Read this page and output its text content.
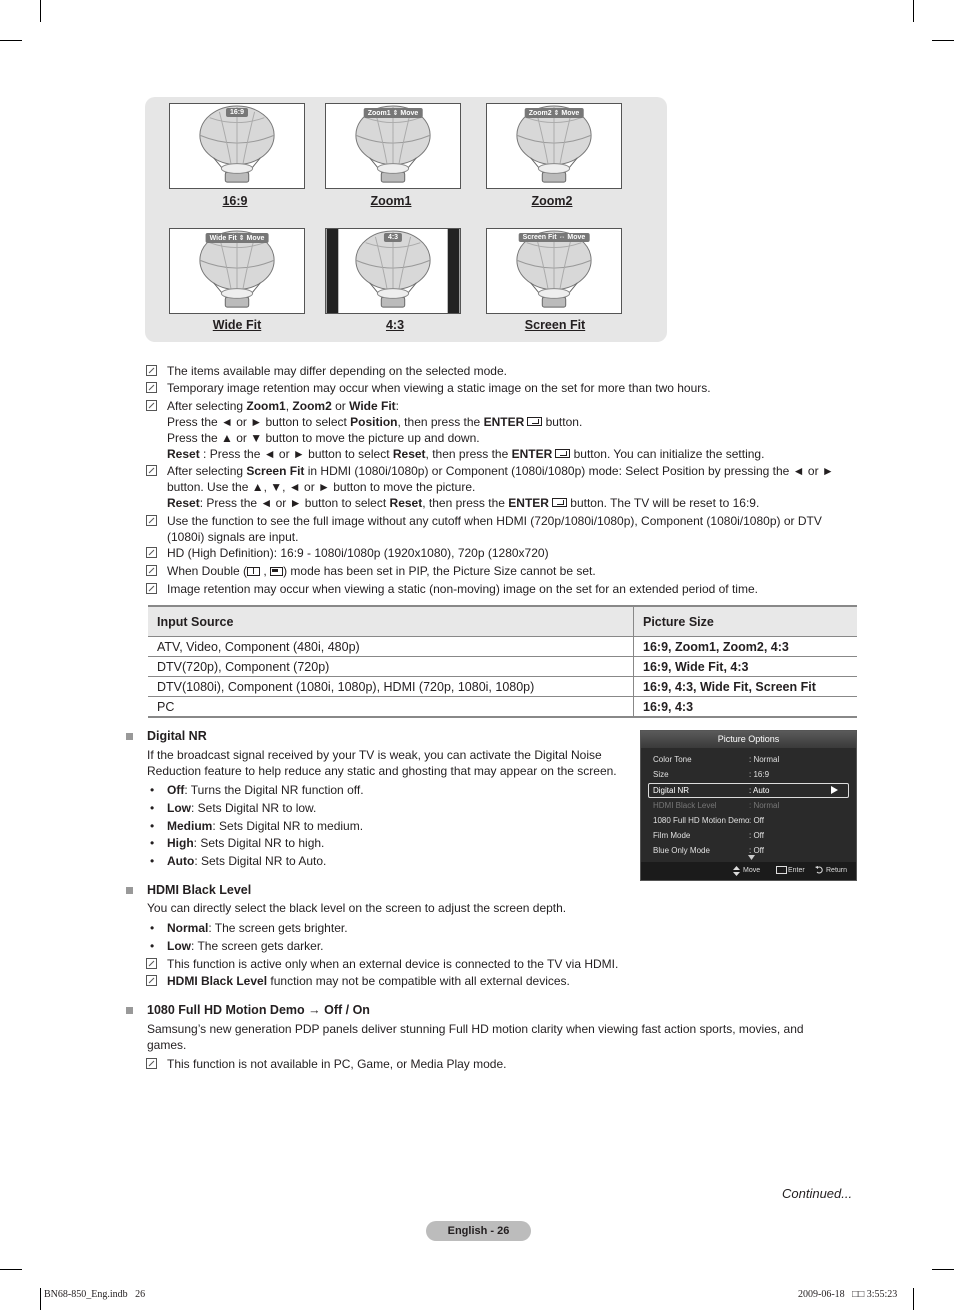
16:9
16:9
Zoom1 ⇕ Move
Zoom1
Zoom2 ⇕ Move
Zoom2
Wide Fit ⇕ Move
Wide Fit
4:3
4:3
Screen Fit ⇔ Move
Screen Fit
The items available may differ depending on the selected mode.
Temporary image retention may occur when viewing a static image on the set for more than two hours.
After selecting Zoom1, Zoom2 or Wide Fit:
Press the ◄ or ► button to select Position, then press the ENTER button.
Press the ▲ or ▼ button to move the picture up and down.
Reset : Press the ◄ or ► button to select Reset, then press the ENTER button. You can initialize the setting.
After selecting Screen Fit in HDMI (1080i/1080p) or Component (1080i/1080p) mode: Select Position by pressing the ◄ or ►
button. Use the ▲, ▼, ◄ or ► button to move the picture.
Reset: Press the ◄ or ► button to select Reset, then press the ENTER button. The TV will be reset to 16:9.
Use the function to see the full image without any cutoff when HDMI (720p/1080i/1080p), Component (1080i/1080p) or DTV
(1080i) signals are input.
HD (High Definition): 16:9 - 1080i/1080p (1920x1080), 720p (1280x720)
When Double ( , ) mode has been set in PIP, the Picture Size cannot be set.
Image retention may occur when viewing a static (non-moving) image on the set for an extended period of time.
Input Source	Picture Size
ATV, Video, Component (480i, 480p)	16:9, Zoom1, Zoom2, 4:3
DTV(720p), Component (720p)	16:9, Wide Fit, 4:3
DTV(1080i), Component (1080i, 1080p), HDMI (720p, 1080i, 1080p)	16:9, 4:3, Wide Fit, Screen Fit
PC	16:9, 4:3
Digital NR
If the broadcast signal received by your TV is weak, you can activate the Digital Noise
Reduction feature to help reduce any static and ghosting that may appear on the screen.
• Off: Turns the Digital NR function off.
• Low: Sets Digital NR to low.
• Medium: Sets Digital NR to medium.
• High: Sets Digital NR to high.
• Auto: Sets Digital NR to Auto.
Picture Options
Color Tone	: Normal
Size	: 16:9
Digital NR	: Auto
HDMI Black Level	: Normal
1080 Full HD Motion Demo : Off
Film Mode	: Off
Blue Only Mode	: Off
Move	Enter	Return
HDMI Black Level
You can directly select the black level on the screen to adjust the screen depth.
• Normal: The screen gets brighter.
• Low: The screen gets darker.
This function is active only when an external device is connected to the TV via HDMI.
HDMI Black Level function may not be compatible with all external devices.
1080 Full HD Motion Demo → Off / On
Samsung’s new generation PDP panels deliver stunning Full HD motion clarity when viewing fast action sports, movies, and
games.
This function is not available in PC, Game, or Media Play mode.
Continued...
English - 26
BN68-850_Eng.indb   26	2009-06-18   □□ 3:55:23
